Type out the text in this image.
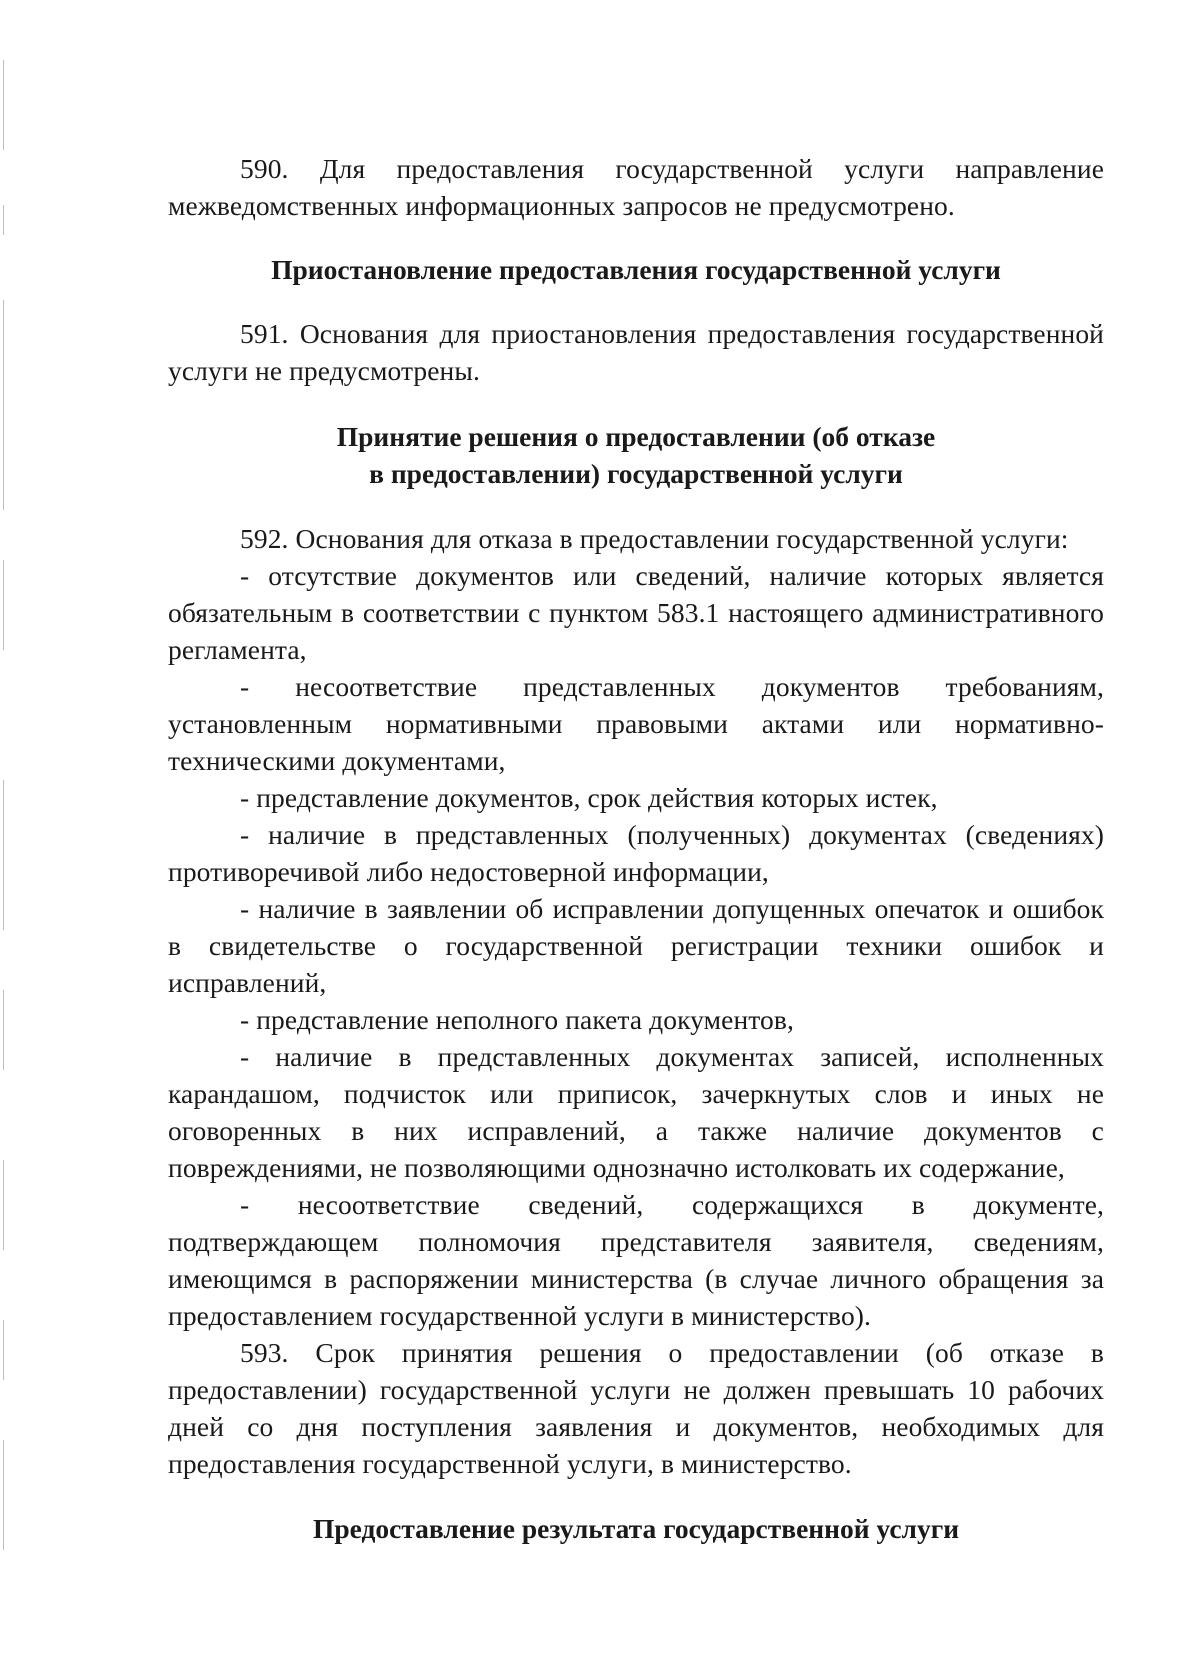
590. Для предоставления государственной услуги направление межведомственных информационных запросов не предусмотрено.

Приостановление предоставления государственной услуги

591. Основания для приостановления предоставления государственной услуги не предусмотрены.

Принятие решения о предоставлении (об отказе

в предоставлении) государственной услуги

592. Основания для отказа в предоставлении государственной услуги:

- отсутствие документов или сведений, наличие которых является обязательным в соответствии с пунктом 583.1 настоящего административного регламента,

- несоответствие представленных документов требованиям, установленным нормативными правовыми актами или нормативно-техническими документами,

- представление документов, срок действия которых истек,

- наличие в представленных (полученных) документах (сведениях) противоречивой либо недостоверной информации,

- наличие в заявлении об исправлении допущенных опечаток и ошибок в свидетельстве о государственной регистрации техники ошибок и исправлений,

- представление неполного пакета документов,

- наличие в представленных документах записей, исполненных карандашом, подчисток или приписок, зачеркнутых слов и иных не оговоренных в них исправлений, а также наличие документов с повреждениями, не позволяющими однозначно истолковать их содержание,

- несоответствие сведений, содержащихся в документе, подтверждающем полномочия представителя заявителя, сведениям, имеющимся в распоряжении министерства (в случае личного обращения за предоставлением государственной услуги в министерство).

593. Срок принятия решения о предоставлении (об отказе в предоставлении) государственной услуги не должен превышать 10 рабочих дней со дня поступления заявления и документов, необходимых для предоставления государственной услуги, в министерство.

Предоставление результата государственной услуги
